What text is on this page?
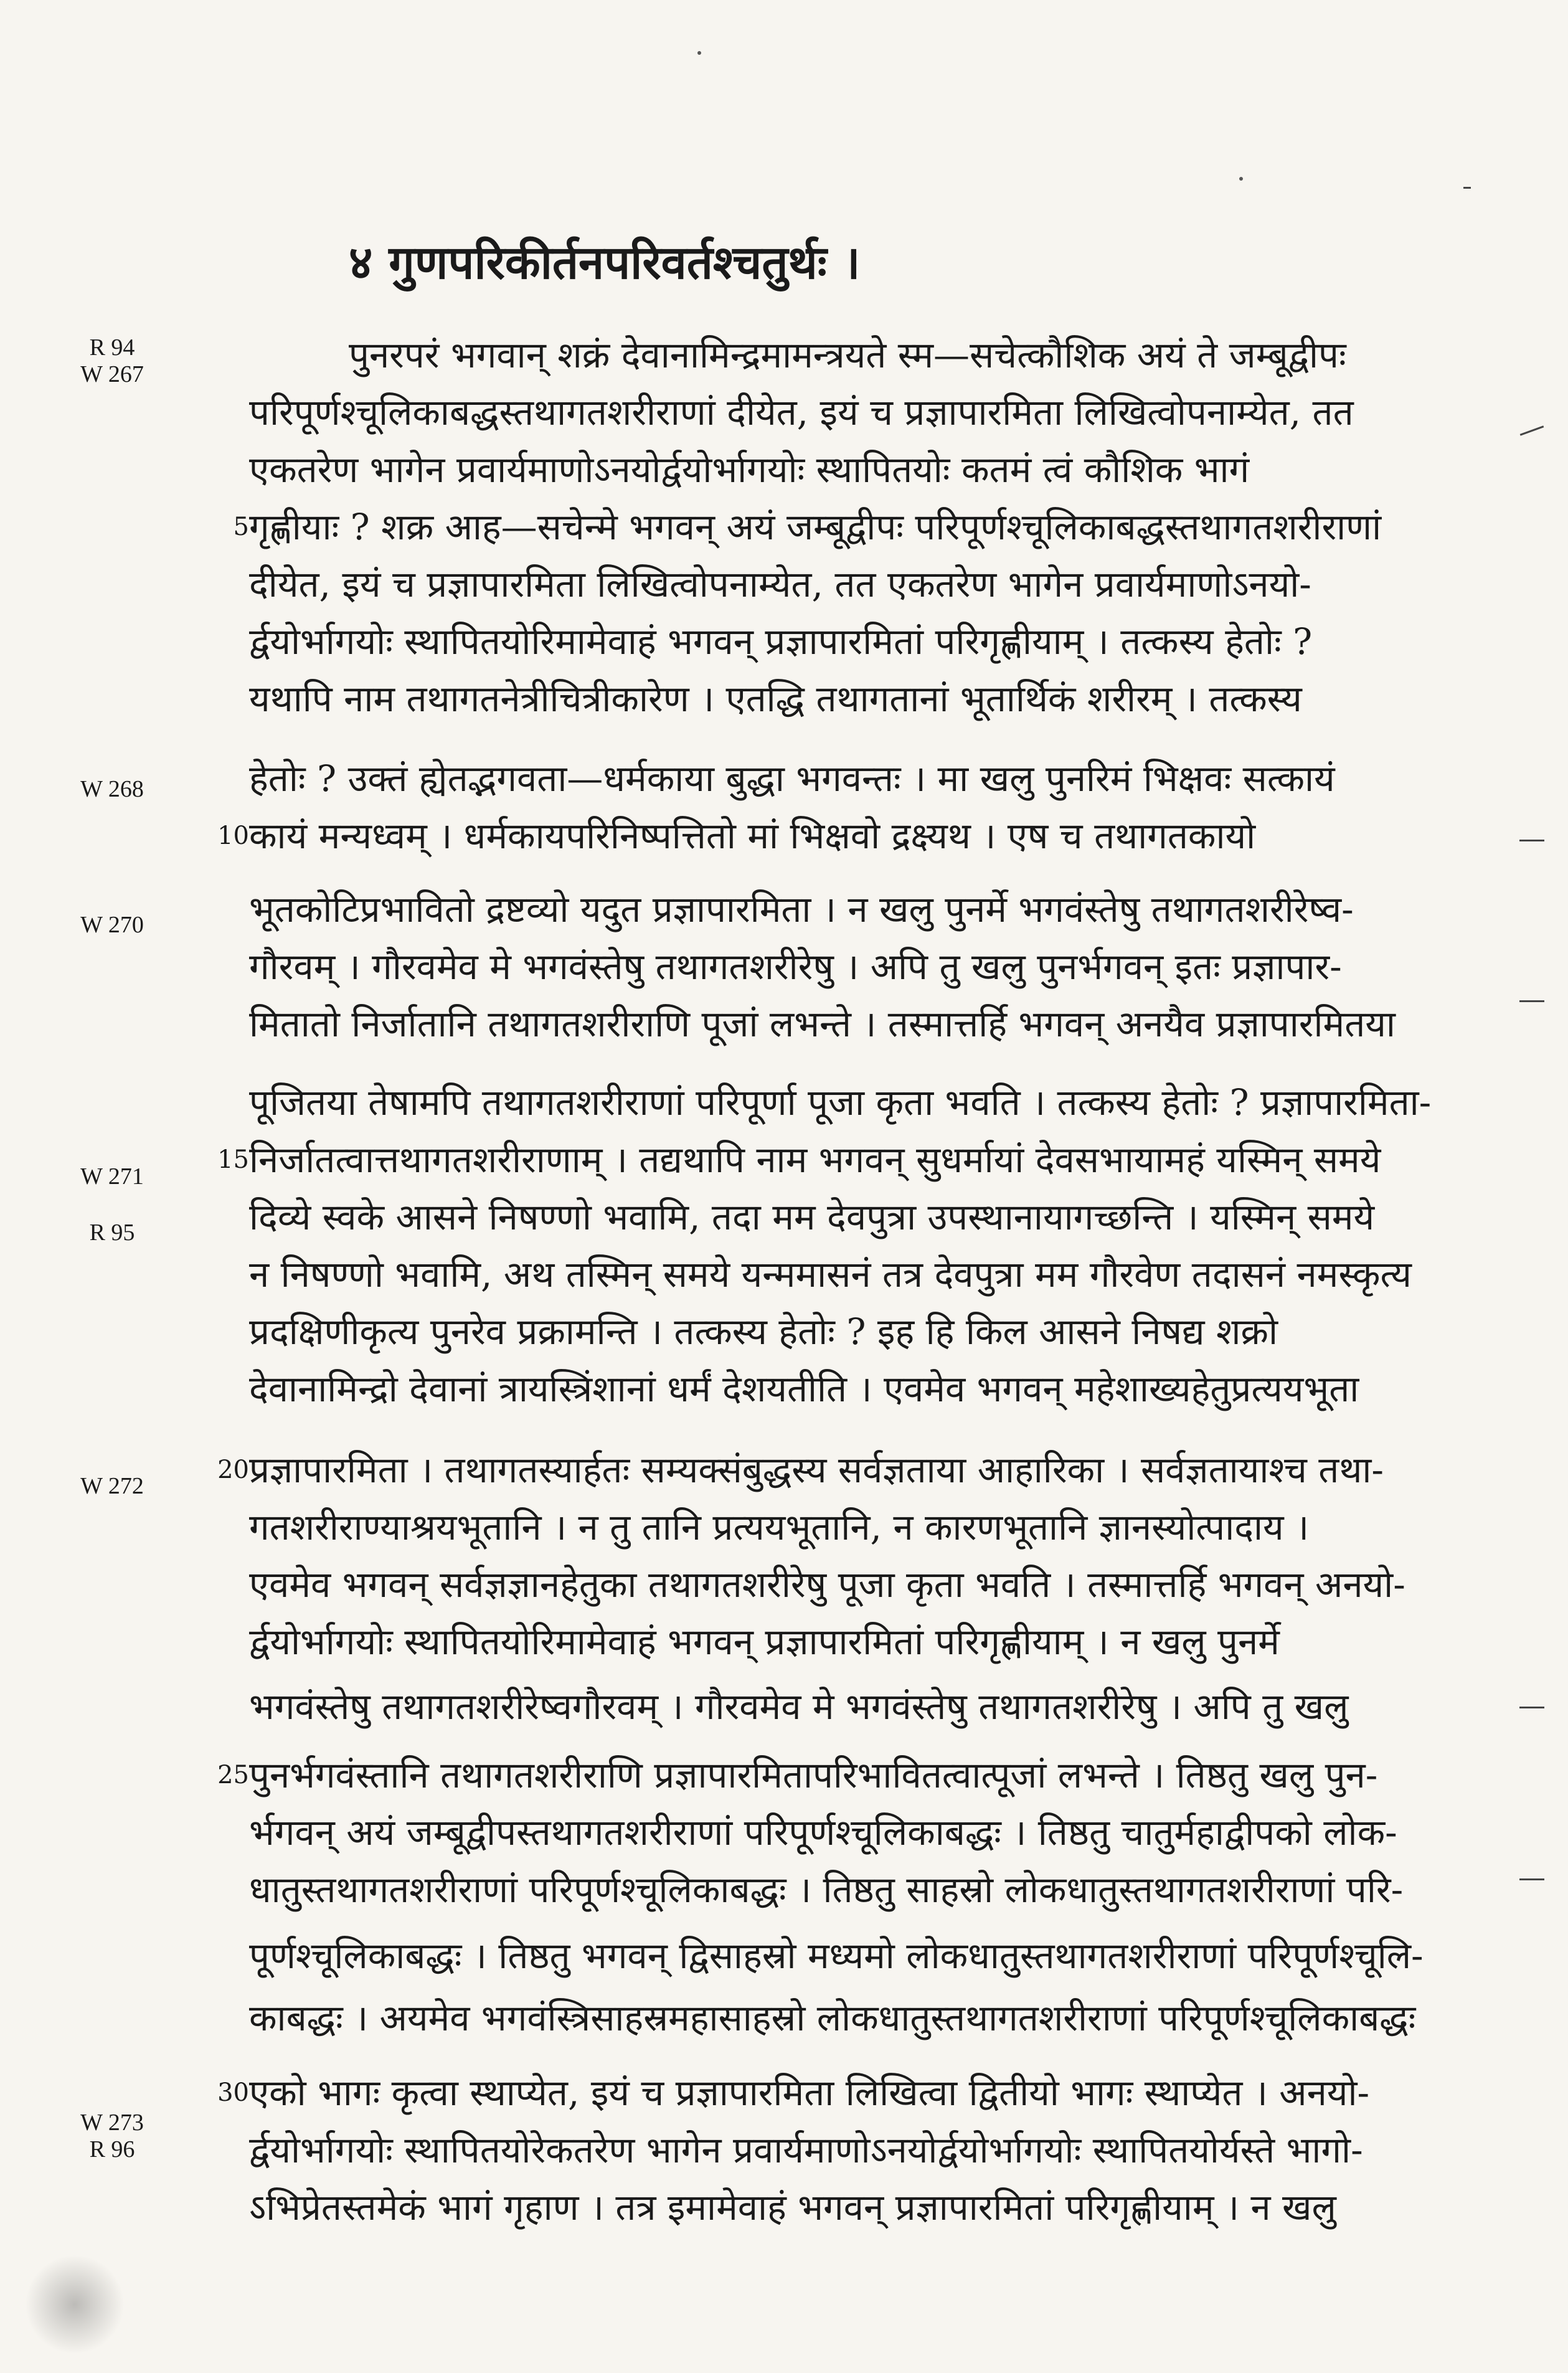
४ गुणपरिकीर्तनपरिवर्तश्चतुर्थः ।
R 94
W 267
W 268
W 270
W 271
R 95
W 272
W 273
R 96
पुनरपरं भगवान् शक्रं देवानामिन्द्रमामन्त्रयते स्म—सचेत्कौशिक अयं ते जम्बूद्वीपः
परिपूर्णश्चूलिकाबद्धस्तथागतशरीराणां दीयेत, इयं च प्रज्ञापारमिता लिखित्वोपनाम्येत, तत
एकतरेण भागेन प्रवार्यमाणोऽनयोर्द्वयोर्भागयोः स्थापितयोः कतमं त्वं कौशिक भागं
5 गृह्णीयाः ? शक्र आह—सचेन्मे भगवन् अयं जम्बूद्वीपः परिपूर्णश्चूलिकाबद्धस्तथागतशरीराणां
दीयेत, इयं च प्रज्ञापारमिता लिखित्वोपनाम्येत, तत एकतरेण भागेन प्रवार्यमाणोऽनयो-
र्द्वयोर्भागयोः स्थापितयोरिमामेवाहं भगवन् प्रज्ञापारमितां परिगृह्णीयाम् । तत्कस्य हेतोः ?
यथापि नाम तथागतनेत्रीचित्रीकारेण । एतद्धि तथागतानां भूतार्थिकं शरीरम् । तत्कस्य
हेतोः ? उक्तं ह्येतद्भगवता—धर्मकाया बुद्धा भगवन्तः । मा खलु पुनरिमं भिक्षवः सत्कायं
10 कायं मन्यध्वम् । धर्मकायपरिनिष्पत्तितो मां भिक्षवो द्रक्ष्यथ । एष च तथागतकायो
भूतकोटिप्रभावितो द्रष्टव्यो यदुत प्रज्ञापारमिता । न खलु पुनर्मे भगवंस्तेषु तथागतशरीरेष्व-
गौरवम् । गौरवमेव मे भगवंस्तेषु तथागतशरीरेषु । अपि तु खलु पुनर्भगवन् इतः प्रज्ञापार-
मितातो निर्जातानि तथागतशरीराणि पूजां लभन्ते । तस्मात्तर्हि भगवन् अनयैव प्रज्ञापारमितया
पूजितया तेषामपि तथागतशरीराणां परिपूर्णा पूजा कृता भवति । तत्कस्य हेतोः ? प्रज्ञापारमिता-
15 निर्जातत्वात्तथागतशरीराणाम् । तद्यथापि नाम भगवन् सुधर्मायां देवसभायामहं यस्मिन् समये
दिव्ये स्वके आसने निषण्णो भवामि, तदा मम देवपुत्रा उपस्थानायागच्छन्ति । यस्मिन् समये
न निषण्णो भवामि, अथ तस्मिन् समये यन्ममासनं तत्र देवपुत्रा मम गौरवेण तदासनं नमस्कृत्य
प्रदक्षिणीकृत्य पुनरेव प्रक्रामन्ति । तत्कस्य हेतोः ? इह हि किल आसने निषद्य शक्रो
देवानामिन्द्रो देवानां त्रायस्त्रिंशानां धर्मं देशयतीति । एवमेव भगवन् महेशाख्यहेतुप्रत्ययभूता
20 प्रज्ञापारमिता । तथागतस्यार्हतः सम्यक्संबुद्धस्य सर्वज्ञताया आहारिका । सर्वज्ञतायाश्च तथा-
गतशरीराण्याश्रयभूतानि । न तु तानि प्रत्ययभूतानि, न कारणभूतानि ज्ञानस्योत्पादाय ।
एवमेव भगवन् सर्वज्ञज्ञानहेतुका तथागतशरीरेषु पूजा कृता भवति । तस्मात्तर्हि भगवन् अनयो-
र्द्वयोर्भागयोः स्थापितयोरिमामेवाहं भगवन् प्रज्ञापारमितां परिगृह्णीयाम् । न खलु पुनर्मे
भगवंस्तेषु तथागतशरीरेष्वगौरवम् । गौरवमेव मे भगवंस्तेषु तथागतशरीरेषु । अपि तु खलु
25 पुनर्भगवंस्तानि तथागतशरीराणि प्रज्ञापारमितापरिभावितत्वात्पूजां लभन्ते । तिष्ठतु खलु पुन-
र्भगवन् अयं जम्बूद्वीपस्तथागतशरीराणां परिपूर्णश्चूलिकाबद्धः । तिष्ठतु चातुर्महाद्वीपको लोक-
धातुस्तथागतशरीराणां परिपूर्णश्चूलिकाबद्धः । तिष्ठतु साहस्रो लोकधातुस्तथागतशरीराणां परि-
पूर्णश्चूलिकाबद्धः । तिष्ठतु भगवन् द्विसाहस्रो मध्यमो लोकधातुस्तथागतशरीराणां परिपूर्णश्चूलि-
काबद्धः । अयमेव भगवंस्त्रिसाहस्रमहासाहस्रो लोकधातुस्तथागतशरीराणां परिपूर्णश्चूलिकाबद्धः
30 एको भागः कृत्वा स्थाप्येत, इयं च प्रज्ञापारमिता लिखित्वा द्वितीयो भागः स्थाप्येत । अनयो-
र्द्वयोर्भागयोः स्थापितयोरेकतरेण भागेन प्रवार्यमाणोऽनयोर्द्वयोर्भागयोः स्थापितयोर्यस्ते भागो-
ऽभिप्रेतस्तमेकं भागं गृहाण । तत्र इमामेवाहं भगवन् प्रज्ञापारमितां परिगृह्णीयाम् । न खलु
